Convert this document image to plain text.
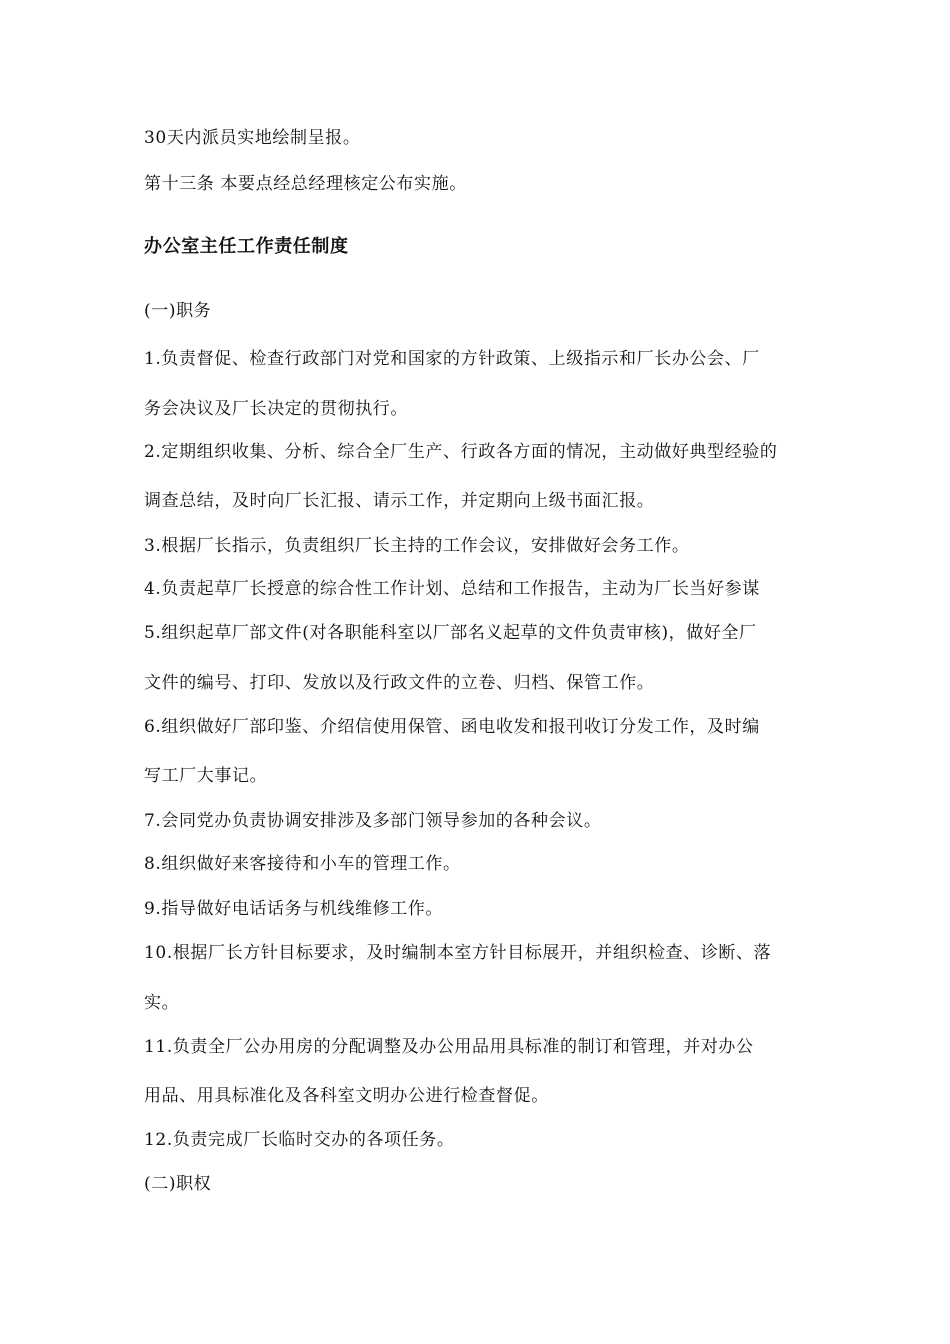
30天内派员实地绘制呈报。
第十三条 本要点经总经理核定公布实施。
办公室主任工作责任制度
(一)职务
1.负责督促、检查行政部门对党和国家的方针政策、上级指示和厂长办公会、厂
务会决议及厂长决定的贯彻执行。
2.定期组织收集、分析、综合全厂生产、行政各方面的情况，主动做好典型经验的
调查总结，及时向厂长汇报、请示工作，并定期向上级书面汇报。
3.根据厂长指示，负责组织厂长主持的工作会议，安排做好会务工作。
4.负责起草厂长授意的综合性工作计划、总结和工作报告，主动为厂长当好参谋
5.组织起草厂部文件(对各职能科室以厂部名义起草的文件负责审核)，做好全厂
文件的编号、打印、发放以及行政文件的立卷、归档、保管工作。
6.组织做好厂部印鉴、介绍信使用保管、函电收发和报刊收订分发工作，及时编
写工厂大事记。
7.会同党办负责协调安排涉及多部门领导参加的各种会议。
8.组织做好来客接待和小车的管理工作。
9.指导做好电话话务与机线维修工作。
10.根据厂长方针目标要求，及时编制本室方针目标展开，并组织检查、诊断、落
实。
11.负责全厂公办用房的分配调整及办公用品用具标准的制订和管理，并对办公
用品、用具标准化及各科室文明办公进行检查督促。
12.负责完成厂长临时交办的各项任务。
(二)职权
